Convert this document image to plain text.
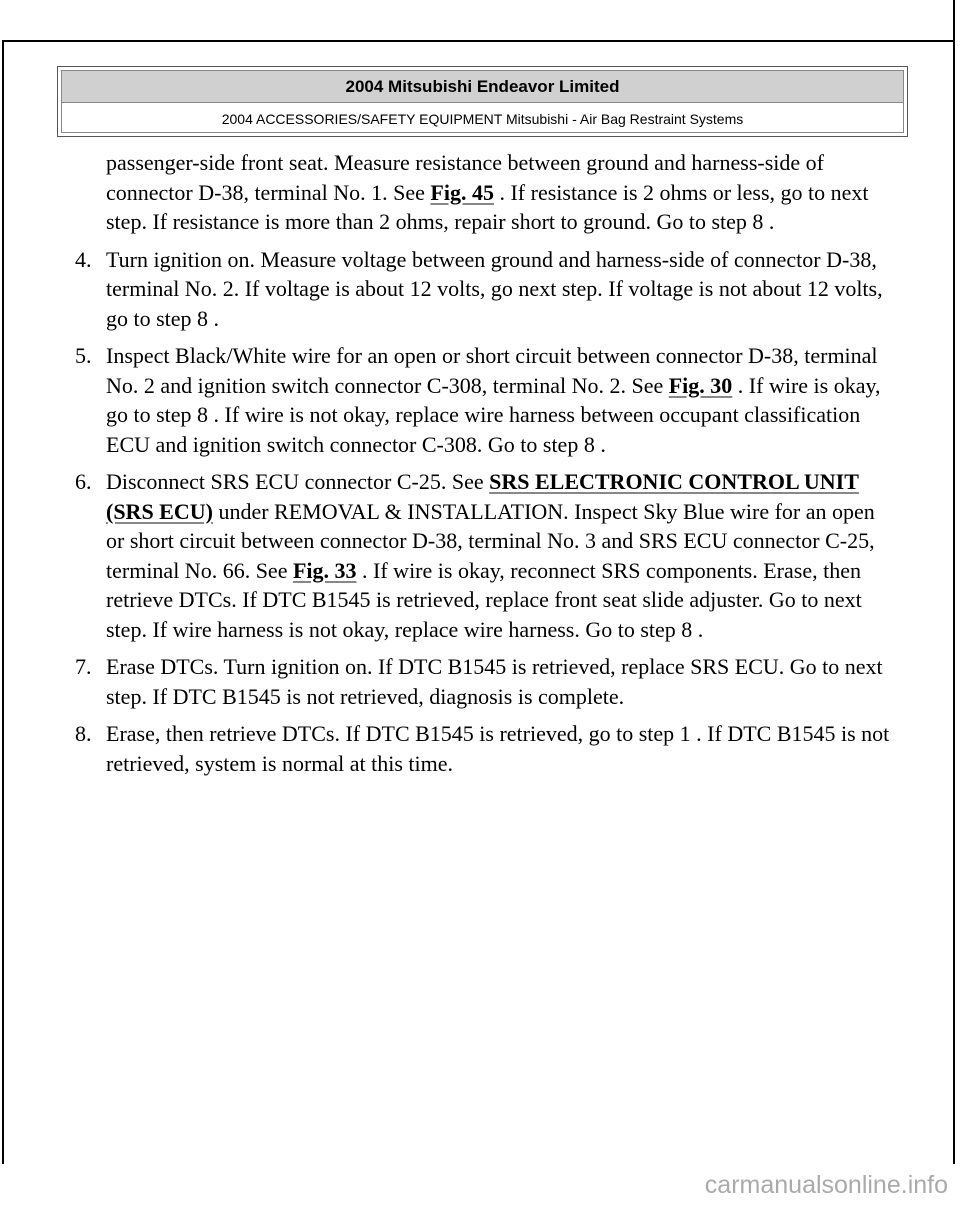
2004 Mitsubishi Endeavor Limited
2004 ACCESSORIES/SAFETY EQUIPMENT Mitsubishi - Air Bag Restraint Systems

passenger-side front seat. Measure resistance between ground and harness-side of connector D-38, terminal No. 1. See Fig. 45 . If resistance is 2 ohms or less, go to next step. If resistance is more than 2 ohms, repair short to ground. Go to step 8 .

4. Turn ignition on. Measure voltage between ground and harness-side of connector D-38, terminal No. 2. If voltage is about 12 volts, go next step. If voltage is not about 12 volts, go to step 8 .
5. Inspect Black/White wire for an open or short circuit between connector D-38, terminal No. 2 and ignition switch connector C-308, terminal No. 2. See Fig. 30 . If wire is okay, go to step 8 . If wire is not okay, replace wire harness between occupant classification ECU and ignition switch connector C-308. Go to step 8 .
6. Disconnect SRS ECU connector C-25. See SRS ELECTRONIC CONTROL UNIT (SRS ECU) under REMOVAL & INSTALLATION. Inspect Sky Blue wire for an open or short circuit between connector D-38, terminal No. 3 and SRS ECU connector C-25, terminal No. 66. See Fig. 33 . If wire is okay, reconnect SRS components. Erase, then retrieve DTCs. If DTC B1545 is retrieved, replace front seat slide adjuster. Go to next step. If wire harness is not okay, replace wire harness. Go to step 8 .
7. Erase DTCs. Turn ignition on. If DTC B1545 is retrieved, replace SRS ECU. Go to next step. If DTC B1545 is not retrieved, diagnosis is complete.
8. Erase, then retrieve DTCs. If DTC B1545 is retrieved, go to step 1 . If DTC B1545 is not retrieved, system is normal at this time.
carmanualsonline.info
